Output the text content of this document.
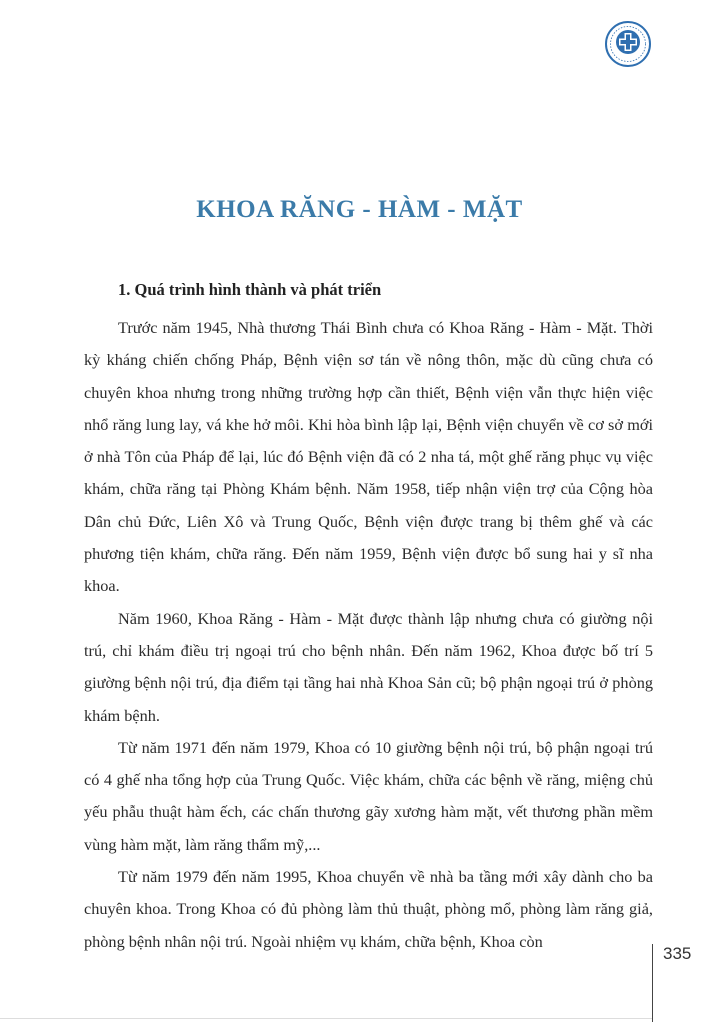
KHOA RĂNG - HÀM - MẶT
1. Quá trình hình thành và phát triển

Trước năm 1945, Nhà thương Thái Bình chưa có Khoa Răng - Hàm - Mặt. Thời kỳ kháng chiến chống Pháp, Bệnh viện sơ tán về nông thôn, mặc dù cũng chưa có chuyên khoa nhưng trong những trường hợp cần thiết, Bệnh viện vẫn thực hiện việc nhổ răng lung lay, vá khe hở môi. Khi hòa bình lập lại, Bệnh viện chuyển về cơ sở mới ở nhà Tôn của Pháp để lại, lúc đó Bệnh viện đã có 2 nha tá, một ghế răng phục vụ việc khám, chữa răng tại Phòng Khám bệnh. Năm 1958, tiếp nhận viện trợ của Cộng hòa Dân chủ Đức, Liên Xô và Trung Quốc, Bệnh viện được trang bị thêm ghế và các phương tiện khám, chữa răng. Đến năm 1959, Bệnh viện được bổ sung hai y sĩ nha khoa.

Năm 1960, Khoa Răng - Hàm - Mặt được thành lập nhưng chưa có giường nội trú, chỉ khám điều trị ngoại trú cho bệnh nhân. Đến năm 1962, Khoa được bố trí 5 giường bệnh nội trú, địa điểm tại tầng hai nhà Khoa Sản cũ; bộ phận ngoại trú ở phòng khám bệnh.

Từ năm 1971 đến năm 1979, Khoa có 10 giường bệnh nội trú, bộ phận ngoại trú có 4 ghế nha tổng hợp của Trung Quốc. Việc khám, chữa các bệnh về răng, miệng chủ yếu phẫu thuật hàm ếch, các chấn thương gãy xương hàm mặt, vết thương phần mềm vùng hàm mặt, làm răng thẩm mỹ,...

Từ năm 1979 đến năm 1995, Khoa chuyển về nhà ba tầng mới xây dành cho ba chuyên khoa. Trong Khoa có đủ phòng làm thủ thuật, phòng mổ, phòng làm răng giả, phòng bệnh nhân nội trú. Ngoài nhiệm vụ khám, chữa bệnh, Khoa còn

335
